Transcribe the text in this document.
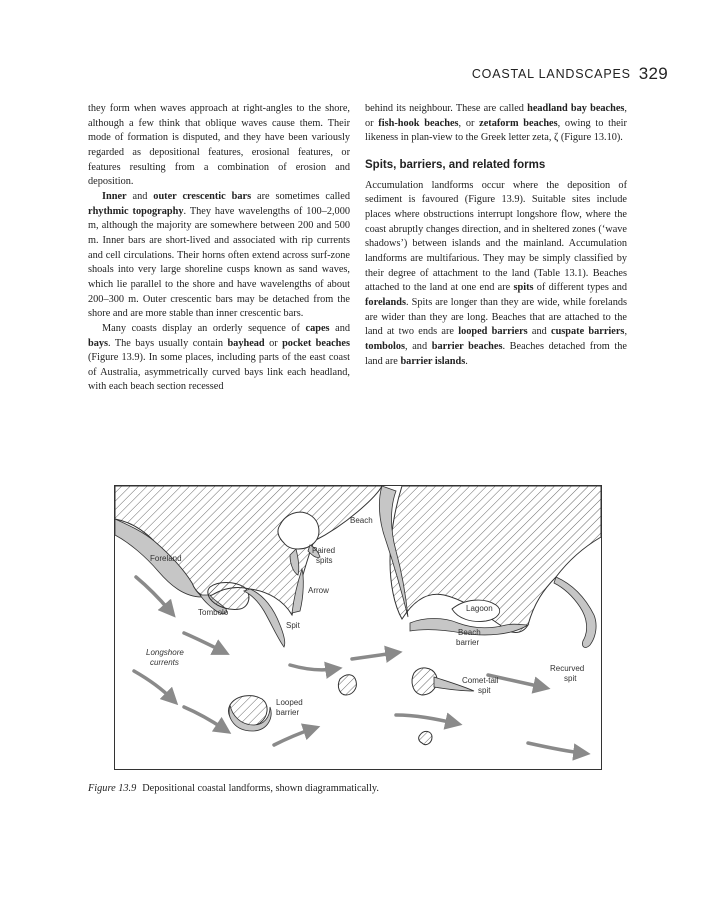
COASTAL LANDSCAPES 329

they form when waves approach at right-angles to the shore, although a few think that oblique waves cause them. Their mode of formation is disputed, and they have been variously regarded as depositional features, erosional features, or features resulting from a combination of erosion and deposition.

Inner and outer crescentic bars are sometimes called rhythmic topography. They have wavelengths of 100–2,000 m, although the majority are somewhere between 200 and 500 m. Inner bars are short-lived and associated with rip currents and cell circulations. Their horns often extend across surf-zone shoals into very large shoreline cusps known as sand waves, which lie parallel to the shore and have wavelengths of about 200–300 m. Outer crescentic bars may be detached from the shore and are more stable than inner crescentic bars.

Many coasts display an orderly sequence of capes and bays. The bays usually contain bayhead or pocket beaches (Figure 13.9). In some places, including parts of the east coast of Australia, asymmetrically curved bays link each headland, with each beach section recessed

behind its neighbour. These are called headland bay beaches, or fish-hook beaches, or zetaform beaches, owing to their likeness in plan-view to the Greek letter zeta, ζ (Figure 13.10).

Spits, barriers, and related forms

Accumulation landforms occur where the deposition of sediment is favoured (Figure 13.9). Suitable sites include places where obstructions interrupt longshore flow, where the coast abruptly changes direction, and in sheltered zones (‘wave shadows’) between islands and the mainland. Accumulation landforms are multifarious. They may be simply classified by their degree of attachment to the land (Table 13.1). Beaches attached to the land at one end are spits of different types and forelands. Spits are longer than they are wide, while forelands are wider than they are long. Beaches that are attached to the land at two ends are looped barriers and cuspate barriers, tombolos, and barrier beaches. Beaches detached from the land are barrier islands.

Beach
Paired
spits
Foreland
Arrow
Tombolo
Spit
Lagoon
Beach
barrier
Longshore
currents
Recurved
spit
Comet-tail
spit
Looped
barrier
Figure 13.9 Depositional coastal landforms, shown diagrammatically.
